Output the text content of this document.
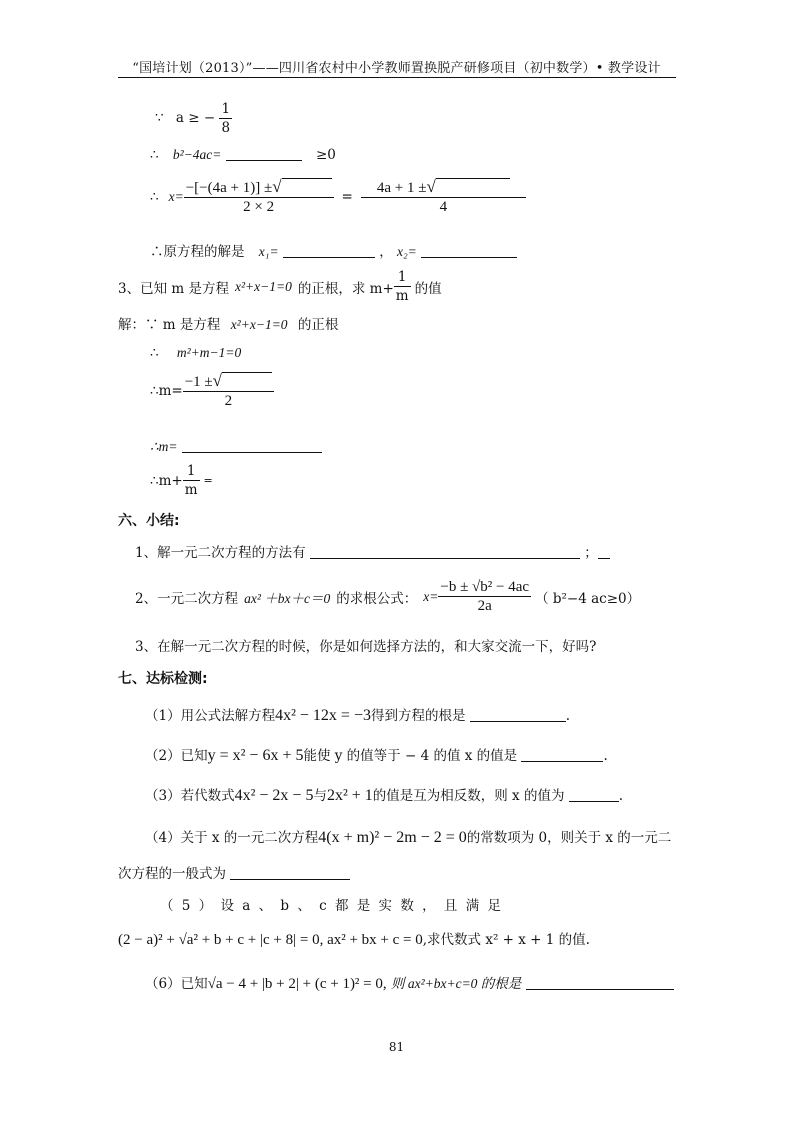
“国培计划（2013）”——四川省农村中小学教师置换脱产研修项目（初中数学）• 教学设计
∵ a ≥ − $\frac{1}{8}$
∴ b²−4ac=	≥0
∴ $x= \frac{-[-(4a + 1)] \pm√}{2 \times 2} = \frac{4a + 1 \pm√}{4}$
∴原方程的解是 x₁=	， x₂=
3、已知 m 是方程 x²+x−1=0 的正根，求 $m+ \frac{1}{m}$ 的值
解：∵ m 是方程 x²+x−1=0 的正根
∴ m²+m−1=0
∴m= $\frac{-1 \pm√}{2}$
∴m=
∴m+ $\frac{1}{m}$ =
六、小结:
1、解一元二次方程的方法有	；
2、一元二次方程 ax² ＋bx＋c＝0 的求根公式： $x= \frac{\text{−b ± √b² − 4ac}}{2a}$ （ b²−4 ac≥0）
3、在解一元二次方程的时候，你是如何选择方法的，和大家交流一下，好吗?
七、达标检测:
（1）用公式法解方程4x² − 12x = −3得到方程的根是	.
（2）已知y = x² − 6x + 5能使 y 的值等于 − 4 的值 x 的值是	.
（3）若代数式4x² − 2x − 5与2x² + 1的值是互为相反数，则 x 的值为	.
（4）关于 x 的一元二次方程4(x + m)² − 2m − 2 = 0的常数项为 0，则关于 x 的一元二
次方程的一般式为
（ 5 ） 设 a 、 b 、 c 都 是 实 数 ， 且 满 足
(2 − a)² + √a² + b + c + |c + 8| = 0, ax² + bx + c = 0,求代数式 x² + x + 1 的值.
（6）已知√a − 4 + |b + 2| + (c + 1)² = 0, 则 ax²+bx+c=0 的根是
81
